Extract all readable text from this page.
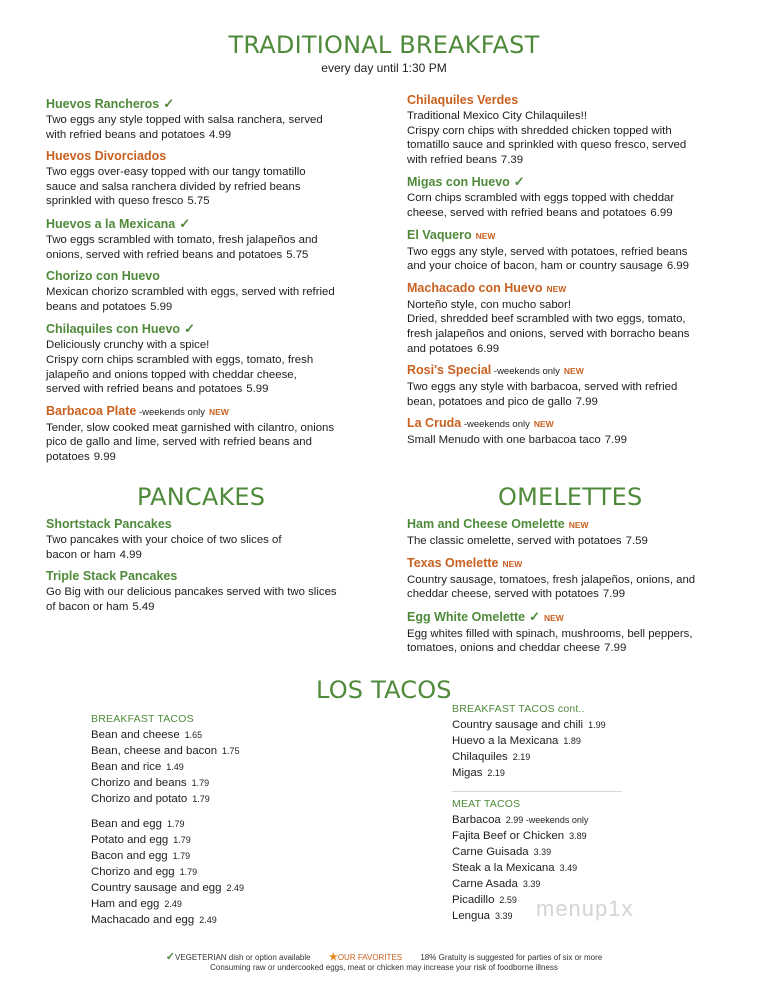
TRADITIONAL BREAKFAST
every day until 1:30 PM
Huevos Rancheros ✓
Two eggs any style topped with salsa ranchera, served
with refried beans and potatoes 4.99
Huevos Divorciados
Two eggs over-easy topped with our tangy tomatillo
sauce and salsa ranchera divided by refried beans
sprinkled with queso fresco 5.75
Huevos a la Mexicana ✓
Two eggs scrambled with tomato, fresh jalapeños and
onions, served with refried beans and potatoes 5.75
Chorizo con Huevo
Mexican chorizo scrambled with eggs, served with refried
beans and potatoes 5.99
Chilaquiles con Huevo ✓
Deliciously crunchy with a spice!
Crispy corn chips scrambled with eggs, tomato, fresh
jalapeño and onions topped with cheddar cheese,
served with refried beans and potatoes 5.99
Barbacoa Plate -weekends only NEW
Tender, slow cooked meat garnished with cilantro, onions
pico de gallo and lime, served with refried beans and
potatoes 9.99
Chilaquiles Verdes
Traditional Mexico City Chilaquiles!!
Crispy corn chips with shredded chicken topped with
tomatillo sauce and sprinkled with queso fresco, served
with refried beans 7.39
Migas con Huevo ✓
Corn chips scrambled with eggs topped with cheddar
cheese, served with refried beans and potatoes 6.99
El Vaquero NEW
Two eggs any style, served with potatoes, refried beans
and your choice of bacon, ham or country sausage 6.99
Machacado con Huevo NEW
Norteño style, con mucho sabor!
Dried, shredded beef scrambled with two eggs, tomato,
fresh jalapeños and onions, served with borracho beans
and potatoes 6.99
Rosi's Special -weekends only NEW
Two eggs any style with barbacoa, served with refried
bean, potatoes and pico de gallo 7.99
La Cruda -weekends only NEW
Small Menudo with one barbacoa taco 7.99
PANCAKES
Shortstack Pancakes
Two pancakes with your choice of two slices of
bacon or ham 4.99
Triple Stack Pancakes
Go Big with our delicious pancakes served with two slices
of bacon or ham 5.49
OMELETTES
Ham and Cheese Omelette NEW
The classic omelette, served with potatoes 7.59
Texas Omelette NEW
Country sausage, tomatoes, fresh jalapeños, onions, and
cheddar cheese, served with potatoes 7.99
Egg White Omelette ✓ NEW
Egg whites filled with spinach, mushrooms, bell peppers,
tomatoes, onions and cheddar cheese 7.99
LOS TACOS
BREAKFAST TACOS
Bean and cheese 1.65
Bean, cheese and bacon 1.75
Bean and rice 1.49
Chorizo and beans 1.79
Chorizo and potato 1.79
Bean and egg 1.79
Potato and egg 1.79
Bacon and egg 1.79
Chorizo and egg 1.79
Country sausage and egg 2.49
Ham and egg 2.49
Machacado and egg 2.49
BREAKFAST TACOS cont..
Country sausage and chili 1.99
Huevo a la Mexicana 1.89
Chilaquiles 2.19
Migas 2.19
MEAT TACOS
Barbacoa 2.99 -weekends only
Fajita Beef or Chicken 3.89
Carne Guisada 3.39
Steak a la Mexicana 3.49
Carne Asada 3.39
Picadillo 2.59
Lengua 3.39	menup1x
✓VEGETERIAN dish or option available ★OUR FAVORITES 18% Gratuity is suggested for parties of six or more
Consuming raw or undercooked eggs, meat or chicken may increase your risk of foodborne illness
